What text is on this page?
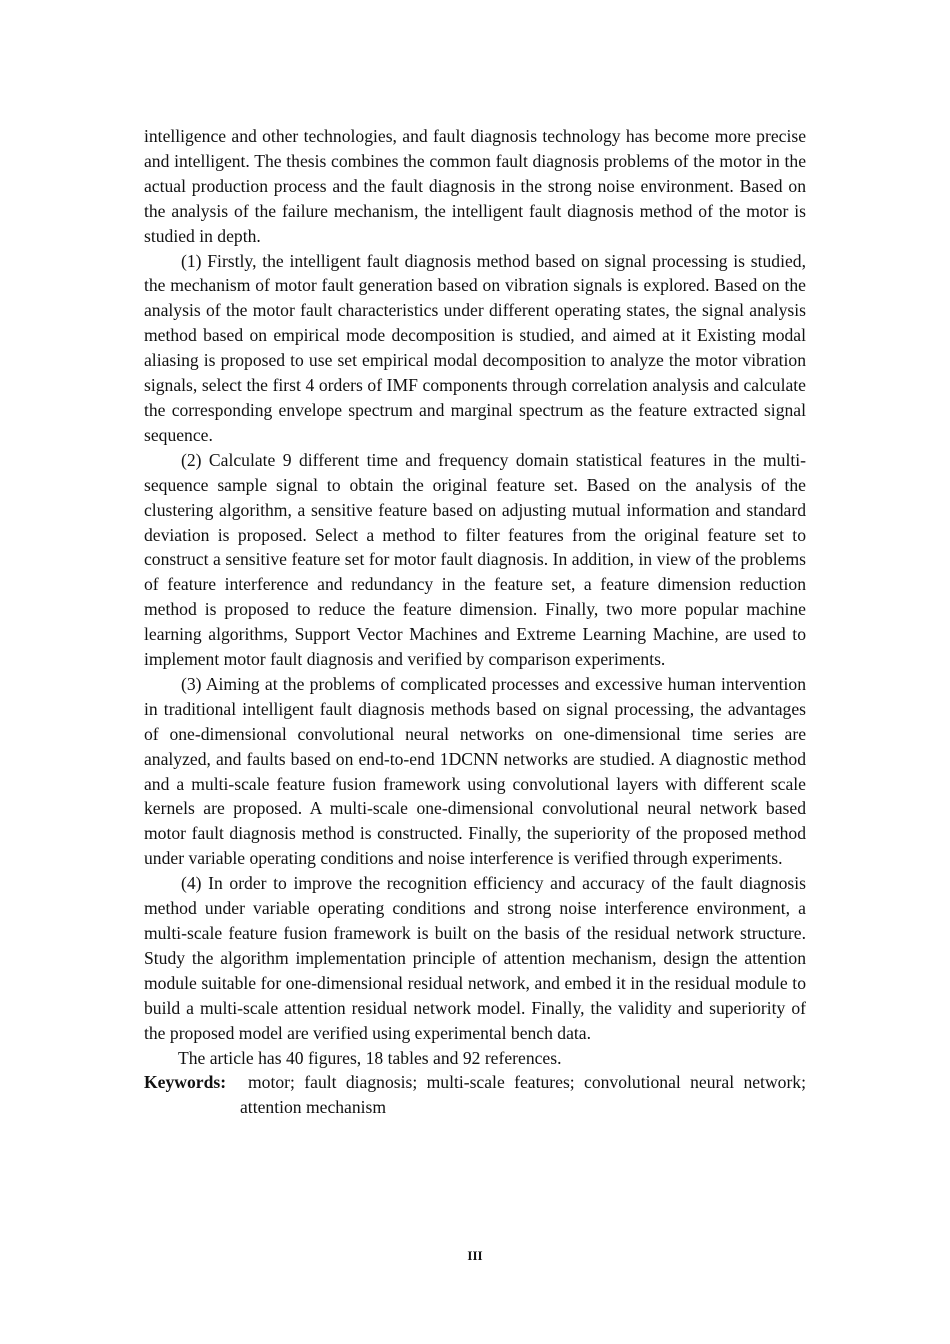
intelligence and other technologies, and fault diagnosis technology has become more precise and intelligent. The thesis combines the common fault diagnosis problems of the motor in the actual production process and the fault diagnosis in the strong noise environment. Based on the analysis of the failure mechanism, the intelligent fault diagnosis method of the motor is studied in depth.

(1) Firstly, the intelligent fault diagnosis method based on signal processing is studied, the mechanism of motor fault generation based on vibration signals is explored. Based on the analysis of the motor fault characteristics under different operating states, the signal analysis method based on empirical mode decomposition is studied, and aimed at it Existing modal aliasing is proposed to use set empirical modal decomposition to analyze the motor vibration signals, select the first 4 orders of IMF components through correlation analysis and calculate the corresponding envelope spectrum and marginal spectrum as the feature extracted signal sequence.

(2) Calculate 9 different time and frequency domain statistical features in the multi-sequence sample signal to obtain the original feature set. Based on the analysis of the clustering algorithm, a sensitive feature based on adjusting mutual information and standard deviation is proposed. Select a method to filter features from the original feature set to construct a sensitive feature set for motor fault diagnosis. In addition, in view of the problems of feature interference and redundancy in the feature set, a feature dimension reduction method is proposed to reduce the feature dimension. Finally, two more popular machine learning algorithms, Support Vector Machines and Extreme Learning Machine, are used to implement motor fault diagnosis and verified by comparison experiments.

(3) Aiming at the problems of complicated processes and excessive human intervention in traditional intelligent fault diagnosis methods based on signal processing, the advantages of one-dimensional convolutional neural networks on one-dimensional time series are analyzed, and faults based on end-to-end 1DCNN networks are studied. A diagnostic method and a multi-scale feature fusion framework using convolutional layers with different scale kernels are proposed. A multi-scale one-dimensional convolutional neural network based motor fault diagnosis method is constructed. Finally, the superiority of the proposed method under variable operating conditions and noise interference is verified through experiments.

(4) In order to improve the recognition efficiency and accuracy of the fault diagnosis method under variable operating conditions and strong noise interference environment, a multi-scale feature fusion framework is built on the basis of the residual network structure. Study the algorithm implementation principle of attention mechanism, design the attention module suitable for one-dimensional residual network, and embed it in the residual module to build a multi-scale attention residual network model. Finally, the validity and superiority of the proposed model are verified using experimental bench data.

The article has 40 figures, 18 tables and 92 references.

Keywords: motor; fault diagnosis; multi-scale features; convolutional neural network; attention mechanism

III
